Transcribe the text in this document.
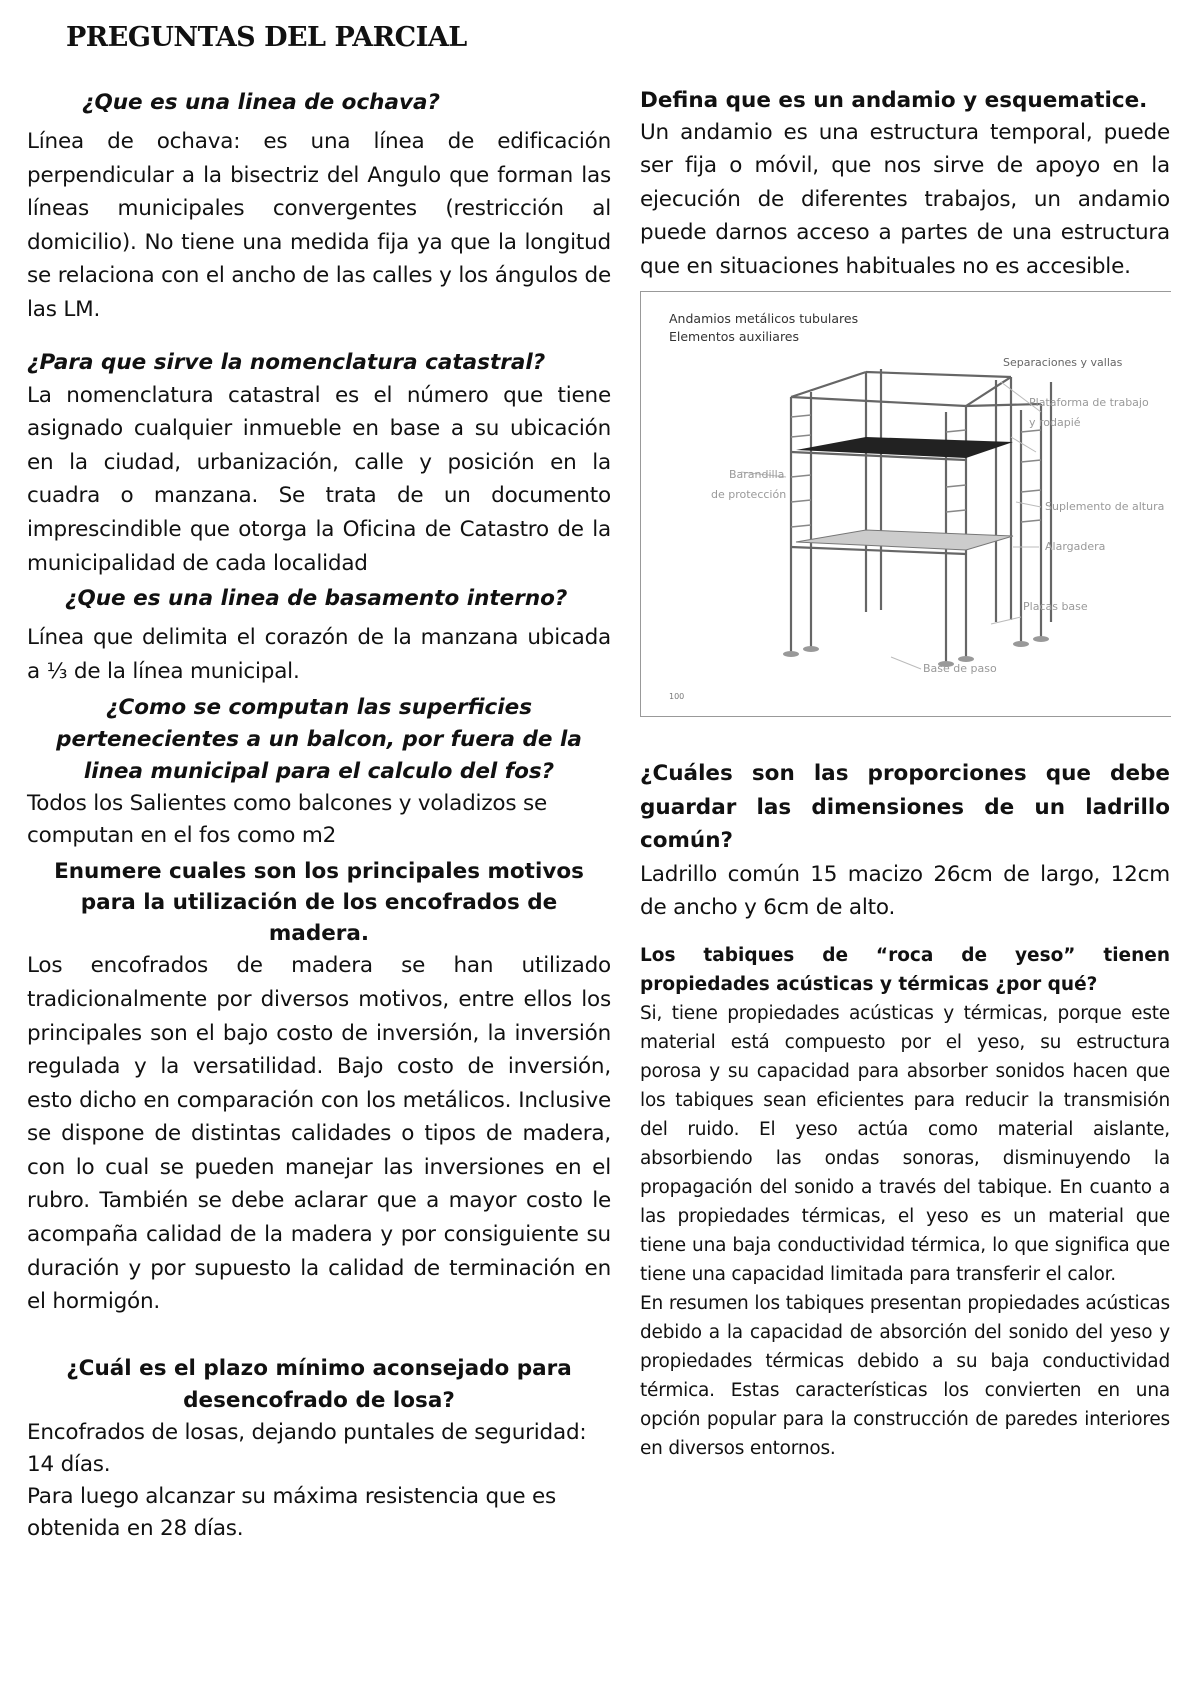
PREGUNTAS DEL PARCIAL

¿Que es una linea de ochava?

Línea de ochava: es una línea de edificación perpendicular a la bisectriz del Angulo que forman las líneas municipales convergentes (restricción al domicilio). No tiene una medida fija ya que la longitud se relaciona con el ancho de las calles y los ángulos de las LM.

¿Para que sirve la nomenclatura catastral?

La nomenclatura catastral es el número que tiene asignado cualquier inmueble en base a su ubicación en la ciudad, urbanización, calle y posición en la cuadra o manzana. Se trata de un documento imprescindible que otorga la Oficina de Catastro de la municipalidad de cada localidad

¿Que es una linea de basamento interno?

Línea que delimita el corazón de la manzana ubicada a ⅓ de la línea municipal.

¿Como se computan las superficies pertenecientes a un balcon, por fuera de la linea municipal para el calculo del fos?

Todos los Salientes como balcones y voladizos se computan en el fos como m2

Enumere cuales son los principales motivos para la utilización de los encofrados de madera.

Los encofrados de madera se han utilizado tradicionalmente por diversos motivos, entre ellos los principales son el bajo costo de inversión, la inversión regulada y la versatilidad. Bajo costo de inversión, esto dicho en comparación con los metálicos. Inclusive se dispone de distintas calidades o tipos de madera, con lo cual se pueden manejar las inversiones en el rubro. También se debe aclarar que a mayor costo le acompaña calidad de la madera y por consiguiente su duración y por supuesto la calidad de terminación en el hormigón.

¿Cuál es el plazo mínimo aconsejado para desencofrado de losa?

Encofrados de losas, dejando puntales de seguridad: 14 días.

Para luego alcanzar su máxima resistencia que es obtenida en 28 días.

Defina que es un andamio y esquematice.

Un andamio es una estructura temporal, puede ser fija o móvil, que nos sirve de apoyo en la ejecución de diferentes trabajos, un andamio puede darnos acceso a partes de una estructura que en situaciones habituales no es accesible.

Andamios metálicos tubulares
Elementos auxiliares
Separaciones y vallas
Plataforma de trabajo
y rodapié
Barandilla
de protección
Suplemento de altura
Alargadera
Placas base
Base de paso
100

¿Cuáles son las proporciones que debe guardar las dimensiones de un ladrillo común?

Ladrillo común 15 macizo 26cm de largo, 12cm de ancho y 6cm de alto.

Los tabiques de “roca de yeso” tienen propiedades acústicas y térmicas ¿por qué?

Si, tiene propiedades acústicas y térmicas, porque este material está compuesto por el yeso, su estructura porosa y su capacidad para absorber sonidos hacen que los tabiques sean eficientes para reducir la transmisión del ruido. El yeso actúa como material aislante, absorbiendo las ondas sonoras, disminuyendo la propagación del sonido a través del tabique. En cuanto a las propiedades térmicas, el yeso es un material que tiene una baja conductividad térmica, lo que significa que tiene una capacidad limitada para transferir el calor.

En resumen los tabiques presentan propiedades acústicas debido a la capacidad de absorción del sonido del yeso y propiedades térmicas debido a su baja conductividad térmica. Estas características los convierten en una opción popular para la construcción de paredes interiores en diversos entornos.
